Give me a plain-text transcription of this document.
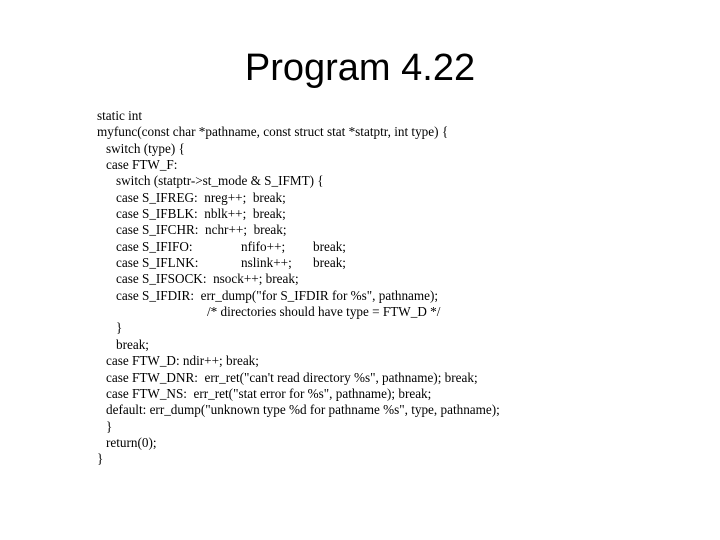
Program 4.22
static int
myfunc(const char *pathname, const struct stat *statptr, int type) {
switch (type) {
case FTW_F:
switch (statptr->st_mode & S_IFMT) {
case S_IFREG:  nreg++;  break;
case S_IFBLK:  nblk++;  break;
case S_IFCHR:  nchr++;  break;

case S_IFIFO:

	nfifo++;

break;

case S_IFLNK:

	nslink++;

break;

case S_IFSOCK:  nsock++; break;
case S_IFDIR:  err_dump("for S_IFDIR for %s", pathname);
/* directories should have type = FTW_D */
}
break;
case FTW_D: ndir++; break;
case FTW_DNR:  err_ret("can't read directory %s", pathname); break;
case FTW_NS:  err_ret("stat error for %s", pathname); break;
default: err_dump("unknown type %d for pathname %s", type, pathname);
}
return(0);
}
